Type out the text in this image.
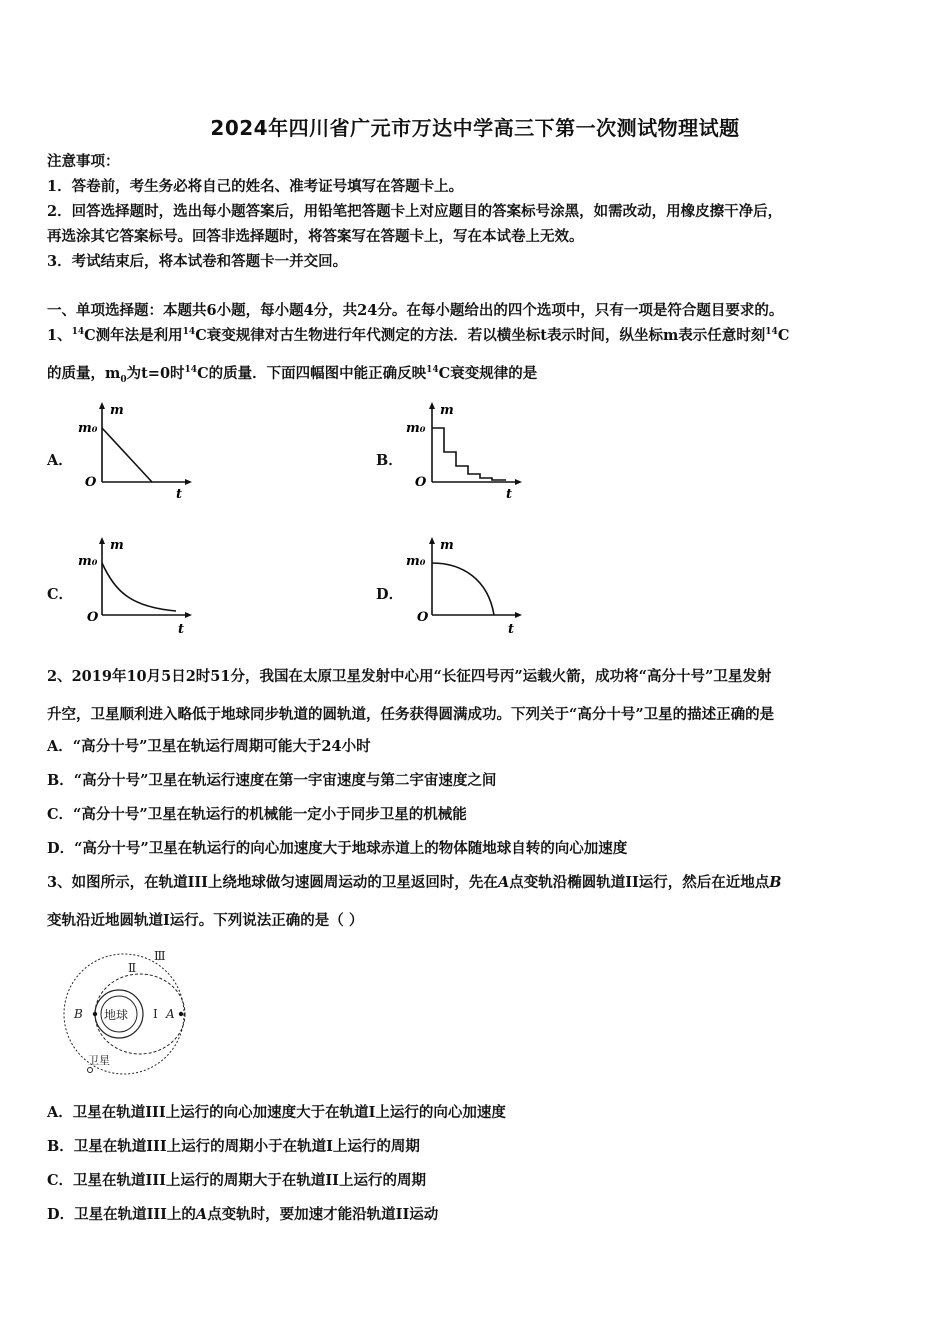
2024年四川省广元市万达中学高三下第一次测试物理试题
注意事项：
1．答卷前，考生务必将自己的姓名、准考证号填写在答题卡上。
2．回答选择题时，选出每小题答案后，用铅笔把答题卡上对应题目的答案标号涂黑，如需改动，用橡皮擦干净后，
再选涂其它答案标号。回答非选择题时，将答案写在答题卡上，写在本试卷上无效。
3．考试结束后，将本试卷和答题卡一并交回。
一、单项选择题：本题共6小题，每小题4分，共24分。在每小题给出的四个选项中，只有一项是符合题目要求的。
1、$^{14}$C测年法是利用$^{14}$C衰变规律对古生物进行年代测定的方法．若以横坐标t表示时间，纵坐标m表示任意时刻$^{14}$C
的质量，$m_0$为t=0时$^{14}$C的质量．下面四幅图中能正确反映$^{14}$C衰变规律的是
A．
m
t
O
m₀
B．
m
t
O
m₀
C．
m
t
O
m₀
D．
m
t
O
m₀
2、2019年10月5日2时51分，我国在太原卫星发射中心用“长征四号丙”运载火箭，成功将“高分十号”卫星发射
升空，卫星顺利进入略低于地球同步轨道的圆轨道，任务获得圆满成功。下列关于“高分十号”卫星的描述正确的是
A．“高分十号”卫星在轨运行周期可能大于24小时
B．“高分十号”卫星在轨运行速度在第一宇宙速度与第二宇宙速度之间
C．“高分十号”卫星在轨运行的机械能一定小于同步卫星的机械能
D．“高分十号”卫星在轨运行的向心加速度大于地球赤道上的物体随地球自转的向心加速度
3、如图所示，在轨道III上绕地球做匀速圆周运动的卫星返回时，先在A点变轨沿椭圆轨道II运行，然后在近地点B
变轨沿近地圆轨道I运行。下列说法正确的是（ ）
地球 I
Ⅱ
Ⅲ
B	A
卫星
A．卫星在轨道III上运行的向心加速度大于在轨道I上运行的向心加速度
B．卫星在轨道III上运行的周期小于在轨道I上运行的周期
C．卫星在轨道III上运行的周期大于在轨道II上运行的周期
D．卫星在轨道III上的A点变轨时，要加速才能沿轨道II运动
